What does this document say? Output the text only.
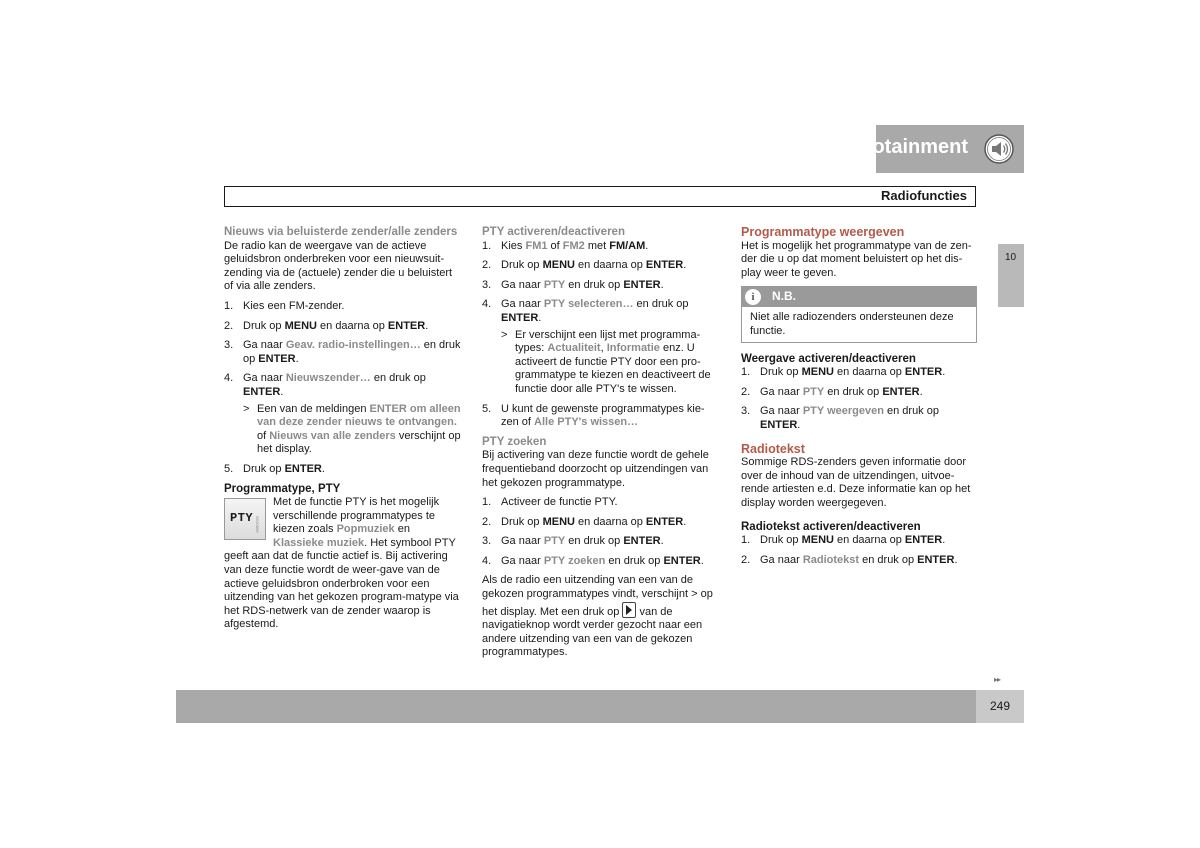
10 Infotainment
Radiofuncties
10
Nieuws via beluisterde zender/alle zenders

De radio kan de weergave van de actieve geluidsbron onderbreken voor een nieuwsuit-zending via de (actuele) zender die u beluistert of via alle zenders.

1. Kies een FM-zender.
2. Druk op MENU en daarna op ENTER.
3. Ga naar Geav. radio-instellingen… en druk op ENTER.
4. Ga naar Nieuwszender… en druk op ENTER.
> Een van de meldingen ENTER om alleen van deze zender nieuws te ontvangen. of Nieuws van alle zenders verschijnt op het display.
5. Druk op ENTER.
Programmatype, PTY
PTY G020896

Met de functie PTY is het mogelijk verschillende programmatypes te kiezen zoals Popmuziek en Klassieke muziek. Het symbool PTY geeft aan dat de functie actief is. Bij activering van deze functie wordt de weer-gave van de actieve geluidsbron onderbroken voor een uitzending van het gekozen program-matype via het RDS-netwerk van de zender waarop is afgestemd.

PTY activeren/deactiveren
1. Kies FM1 of FM2 met FM/AM.
2. Druk op MENU en daarna op ENTER.
3. Ga naar PTY en druk op ENTER.
4. Ga naar PTY selecteren… en druk op ENTER.
> Er verschijnt een lijst met programma-types: Actualiteit, Informatie enz. U activeert de functie PTY door een pro-grammatype te kiezen en deactiveert de functie door alle PTY's te wissen.
5. U kunt de gewenste programmatypes kie-zen of Alle PTY's wissen…
PTY zoeken

Bij activering van deze functie wordt de gehele frequentieband doorzocht op uitzendingen van het gekozen programmatype.

1. Activeer de functie PTY.
2. Druk op MENU en daarna op ENTER.
3. Ga naar PTY en druk op ENTER.
4. Ga naar PTY zoeken en druk op ENTER.

Als de radio een uitzending van een van de gekozen programmatypes vindt, verschijnt > op het display. Met een druk op  van de navigatieknop wordt verder gezocht naar een andere uitzending van een van de gekozen programmatypes.

Programmatype weergeven

Het is mogelijk het programmatype van de zen-der die u op dat moment beluistert op het dis-play weer te geven.

i	N.B.
Niet alle radiozenders ondersteunen deze functie.
Weergave activeren/deactiveren
1. Druk op MENU en daarna op ENTER.
2. Ga naar PTY en druk op ENTER.
3. Ga naar PTY weergeven en druk op ENTER.
Radiotekst

Sommige RDS-zenders geven informatie door over de inhoud van de uitzendingen, uitvoe-rende artiesten e.d. Deze informatie kan op het display worden weergegeven.

Radiotekst activeren/deactiveren
1. Druk op MENU en daarna op ENTER.
2. Ga naar Radiotekst en druk op ENTER.
▸▸
249
